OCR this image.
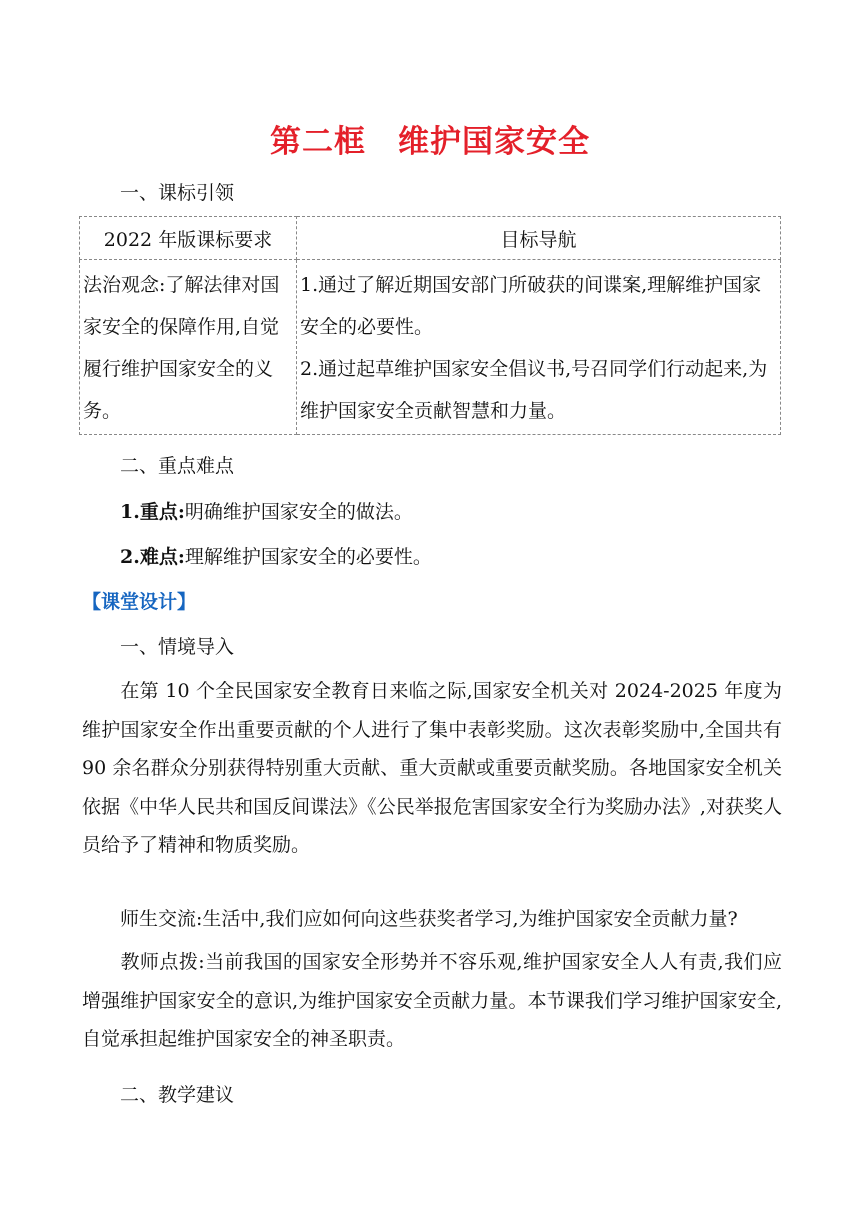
第二框　维护国家安全
一、课标引领
2022 年版课标要求	目标导航
法治观念:了解法律对国家安全的保障作用,自觉履行维护国家安全的义务。	1.通过了解近期国安部门所破获的间谍案,理解维护国家安全的必要性。
2.通过起草维护国家安全倡议书,号召同学们行动起来,为维护国家安全贡献智慧和力量。
二、重点难点
1.重点:明确维护国家安全的做法。
2.难点:理解维护国家安全的必要性。
【课堂设计】
一、情境导入
在第 10 个全民国家安全教育日来临之际,国家安全机关对 2024-2025 年度为维护国家安全作出重要贡献的个人进行了集中表彰奖励。这次表彰奖励中,全国共有 90 余名群众分别获得特别重大贡献、重大贡献或重要贡献奖励。各地国家安全机关依据《中华人民共和国反间谍法》《公民举报危害国家安全行为奖励办法》,对获奖人员给予了精神和物质奖励。
师生交流:生活中,我们应如何向这些获奖者学习,为维护国家安全贡献力量?
教师点拨:当前我国的国家安全形势并不容乐观,维护国家安全人人有责,我们应增强维护国家安全的意识,为维护国家安全贡献力量。本节课我们学习维护国家安全,自觉承担起维护国家安全的神圣职责。
二、教学建议
